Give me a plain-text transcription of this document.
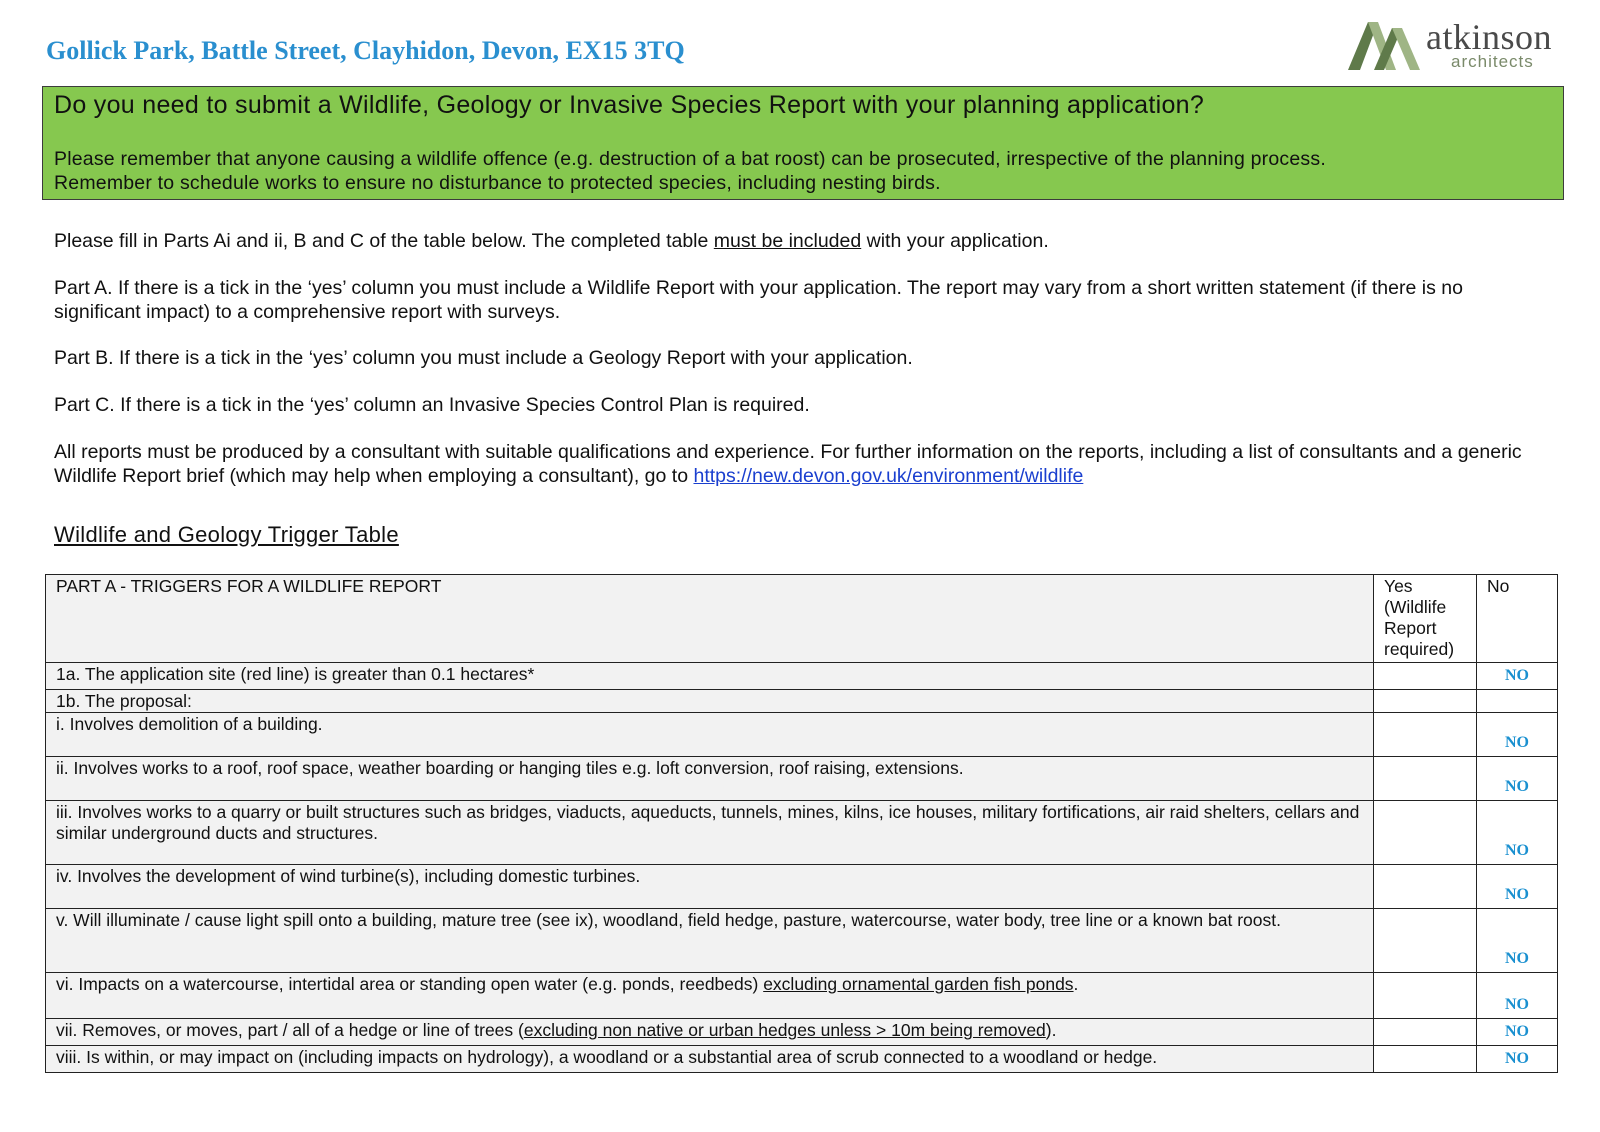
Gollick Park, Battle Street, Clayhidon, Devon, EX15 3TQ	atkinson
architects
Do you need to submit a Wildlife, Geology or Invasive Species Report with your planning application?
Please remember that anyone causing a wildlife offence (e.g. destruction of a bat roost) can be prosecuted, irrespective of the planning process.
Remember to schedule works to ensure no disturbance to protected species, including nesting birds.
Please fill in Parts Ai and ii, B and C of the table below. The completed table must be included with your application.
Part A. If there is a tick in the ‘yes’ column you must include a Wildlife Report with your application. The report may vary from a short written statement (if there is no significant impact) to a comprehensive report with surveys.
Part B. If there is a tick in the ‘yes’ column you must include a Geology Report with your application.
Part C. If there is a tick in the ‘yes’ column an Invasive Species Control Plan is required.
All reports must be produced by a consultant with suitable qualifications and experience. For further information on the reports, including a list of consultants and a generic Wildlife Report brief (which may help when employing a consultant), go to https://new.devon.gov.uk/environment/wildlife
Wildlife and Geology Trigger Table
PART A - TRIGGERS FOR A WILDLIFE REPORT	Yes (Wildlife Report required)	No
1a. The application site (red line) is greater than 0.1 hectares*		NO
1b. The proposal:		
i. Involves demolition of a building.		NO
ii. Involves works to a roof, roof space, weather boarding or hanging tiles e.g. loft conversion, roof raising, extensions.		NO
iii. Involves works to a quarry or built structures such as bridges, viaducts, aqueducts, tunnels, mines, kilns, ice houses, military fortifications, air raid shelters, cellars and similar underground ducts and structures.		NO
iv. Involves the development of wind turbine(s), including domestic turbines.		NO
v. Will illuminate / cause light spill onto a building, mature tree (see ix), woodland, field hedge, pasture, watercourse, water body, tree line or a known bat roost.		NO
vi. Impacts on a watercourse, intertidal area or standing open water (e.g. ponds, reedbeds) excluding ornamental garden fish ponds.		NO
vii. Removes, or moves, part / all of a hedge or line of trees (excluding non native or urban hedges unless > 10m being removed).		NO
viii. Is within, or may impact on (including impacts on hydrology), a woodland or a substantial area of scrub connected to a woodland or hedge.		NO
